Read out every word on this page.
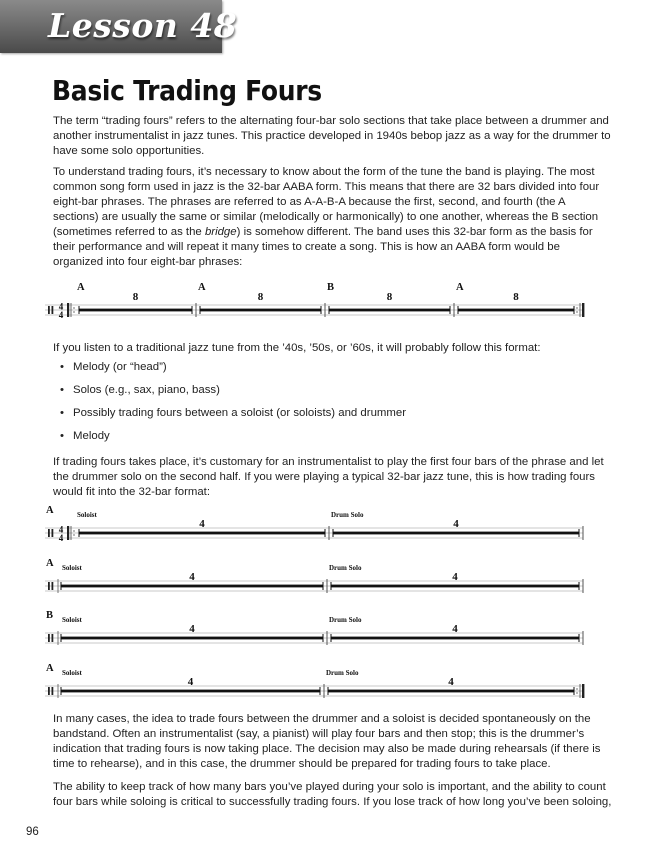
Lesson 48
Basic Trading Fours

The term “trading fours” refers to the alternating four-bar solo sections that take place between a drummer and another instrumentalist in jazz tunes. This practice developed in 1940s bebop jazz as a way for the drummer to have some solo opportunities.

To understand trading fours, it’s necessary to know about the form of the tune the band is playing. The most common song form used in jazz is the 32-bar AABA form. This means that there are 32 bars divided into four eight-bar phrases. The phrases are referred to as A-A-B-A because the first, second, and fourth (the A sections) are usually the same or similar (melodically or harmonically) to one another, whereas the B section (sometimes referred to as the bridge) is somehow different. The band uses this 32-bar form as the basis for their performance and will repeat it many times to create a song. This is how an AABA form would be organized into four eight-bar phrases:

4
4
A
8
A
8
B
8
A
8

If you listen to a traditional jazz tune from the ’40s, ’50s, or ’60s, it will probably follow this format:

• Melody (or “head”)
• Solos (e.g., sax, piano, bass)
• Possibly trading fours between a soloist (or soloists) and drummer
• Melody

If trading fours takes place, it’s customary for an instrumentalist to play the first four bars of the phrase and let the drummer solo on the second half. If you were playing a typical 32-bar jazz tune, this is how trading fours would fit into the 32-bar format:

A
4
4
Soloist
4
Drum Solo
4
A Soloist
4
Drum Solo
4
B Soloist
4
Drum Solo
4
A Soloist
4
Drum Solo
4

In many cases, the idea to trade fours between the drummer and a soloist is decided spontaneously on the bandstand. Often an instrumentalist (say, a pianist) will play four bars and then stop; this is the drummer’s indication that trading fours is now taking place. The decision may also be made during rehearsals (if there is time to rehearse), and in this case, the drummer should be prepared for trading fours to take place.

The ability to keep track of how many bars you’ve played during your solo is important, and the ability to count four bars while soloing is critical to successfully trading fours. If you lose track of how long you’ve been soloing,

96
